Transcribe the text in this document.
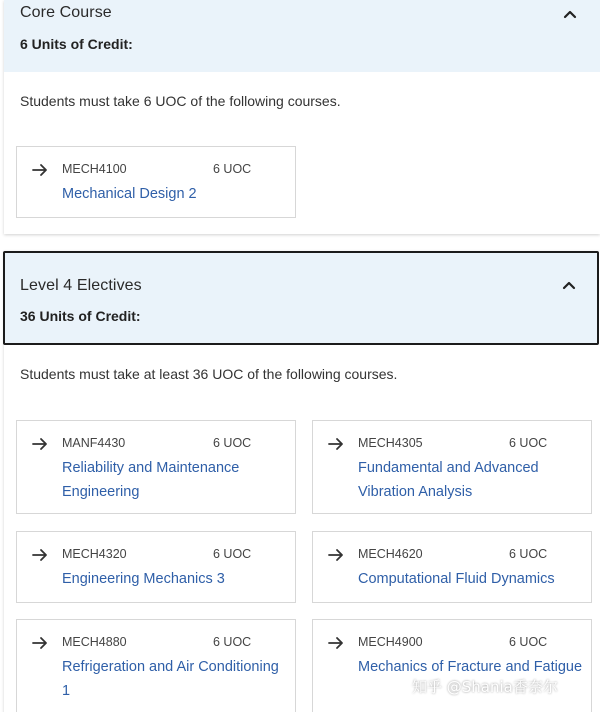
Core Course
6 Units of Credit:
Students must take 6 UOC of the following courses.
MECH4100	6 UOC
Mechanical Design 2
Level 4 Electives
36 Units of Credit:
Students must take at least 36 UOC of the following courses.
MANF4430	6 UOC
Reliability and Maintenance Engineering
MECH4305	6 UOC
Fundamental and Advanced Vibration Analysis
MECH4320	6 UOC
Engineering Mechanics 3
MECH4620	6 UOC
Computational Fluid Dynamics
MECH4880	6 UOC
Refrigeration and Air Conditioning 1
MECH4900	6 UOC
Mechanics of Fracture and Fatigue
知乎 @Shania香奈尔
